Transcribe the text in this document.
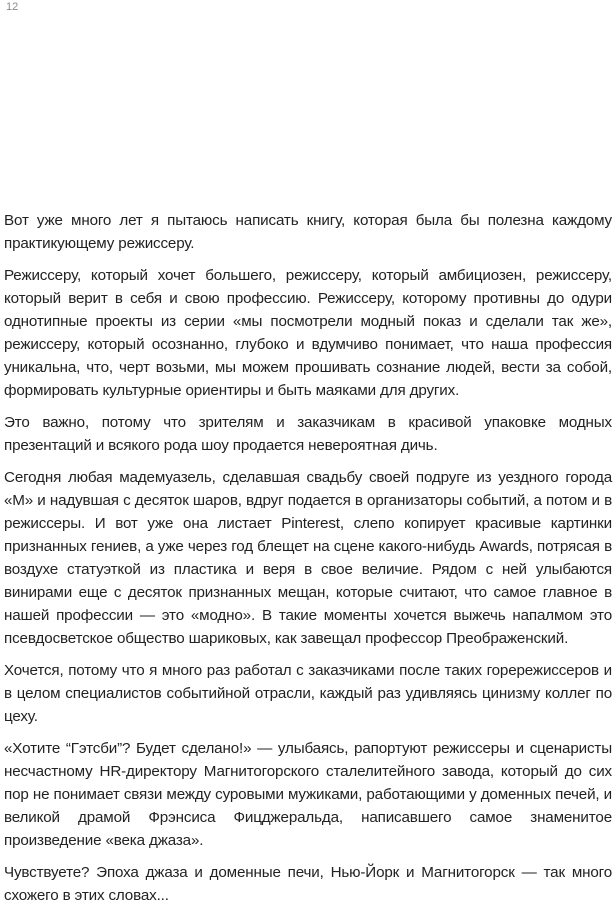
12

Вот уже много лет я пытаюсь написать книгу, которая была бы полезна каждому практикующему режиссеру.

Режиссеру, который хочет большего, режиссеру, который амбициозен, режиссеру, который верит в себя и свою профессию. Режиссеру, которому противны до одури однотипные проекты из серии «мы посмотрели модный показ и сделали так же», режиссеру, который осознанно, глубоко и вдумчиво понимает, что наша профессия уникальна, что, черт возьми, мы можем прошивать сознание людей, вести за собой, формировать культурные ориентиры и быть маяками для других.

Это важно, потому что зрителям и заказчикам в красивой упаковке модных презентаций и всякого рода шоу продается невероятная дичь.

Сегодня любая мадемуазель, сделавшая свадьбу своей подруге из уездного города «М» и надувшая с десяток шаров, вдруг подается в организаторы событий, а потом и в режиссеры. И вот уже она листает Pinterest, слепо копирует красивые картинки признанных гениев, а уже через год блещет на сцене какого-нибудь Awards, потрясая в воздухе статуэткой из пластика и веря в свое величие. Рядом с ней улыбаются винирами еще с десяток признанных мещан, которые считают, что самое главное в нашей профессии — это «модно». В такие моменты хочется выжечь напалмом это псевдосветское общество шариковых, как завещал профессор Преображенский.

Хочется, потому что я много раз работал с заказчиками после таких горережиссеров и в целом специалистов событийной отрасли, каждый раз удивляясь цинизму коллег по цеху.

«Хотите “Гэтсби”? Будет сделано!» — улыбаясь, рапортуют режиссеры и сценаристы несчастному HR-директору Магнитогорского сталелитейного завода, который до сих пор не понимает связи между суровыми мужиками, работающими у доменных печей, и великой драмой Фрэнсиса Фицджеральда, написавшего самое знаменитое произведение «века джаза».

Чувствуете? Эпоха джаза и доменные печи, Нью-Йорк и Магнитогорск — так много схожего в этих словах...
